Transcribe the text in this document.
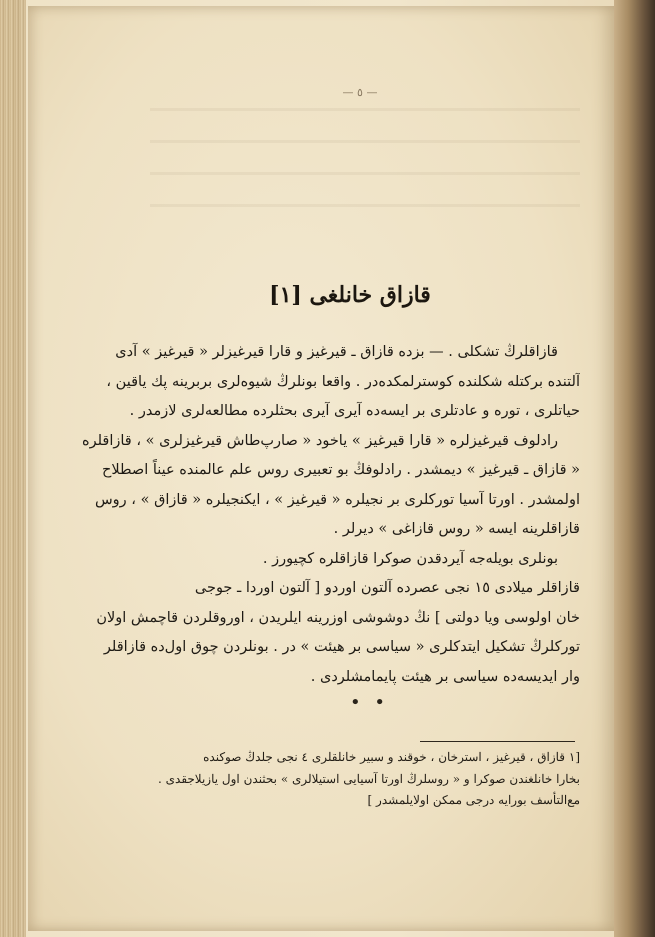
— ٥ —
قازاق خانلغى [١]
قازاقلرڭ تشكلى . — بزده قازاق ـ قيرغيز و قارا قيرغيزلر « قيرغيز » آدى
آلتنده بركتله شكلنده كوسترلمكده‌در . واقعا بونلرڭ شيوه‌لرى بربرينه پك ياقين ،
حياتلرى ، توره و عادتلرى بر ايسه‌ده آيرى آيرى بحثلرده مطالعه‌لرى لازمدر .
رادلوف قيرغيزلره « قارا قيرغيز » ياخود « صارپ‌طاش قيرغيزلرى » ، قازاقلره
« قازاق ـ قيرغيز » ديمشدر . رادلوفڭ بو تعبيرى روس علم عالمنده عيناً اصطلاح
اولمشدر . اورتا آسيا توركلرى بر نجيلره « قيرغيز » ، ايكنجيلره « قازاق » ، روس
قازاقلرينه ايسه « روس قازاغى » ديرلر .
بونلرى بويله‌جه آيردقدن صوكرا قازاقلره كچيورز .
قازاقلر ميلادى ١٥ نجى عصرده آلتون اوردو [ آلتون اوردا ـ جوجى
خان اولوسى ويا دولتى ] نڭ دوشوشى اوزرينه ايلريدن ، اوروقلردن قاچمش اولان
توركلرڭ تشكيل ايتدكلرى « سياسى بر هيئت » در . بونلردن چوق اول‌ده قازاقلر
وار ايديسه‌ده سياسى بر هيئت پايمامشلردى .
• •
[١ قازاق ، قيرغيز ، استرخان ، خوقند و سبير خانلقلرى ٤ نجى جلدڭ صوكنده
بخارا خانلغندن صوكرا و « روسلرڭ اورتا آسيايى استيلالرى » بحثندن اول يازيلاجقدى .
مع‌التأسف بورايه درجى ممكن اولايلمشدر ]
